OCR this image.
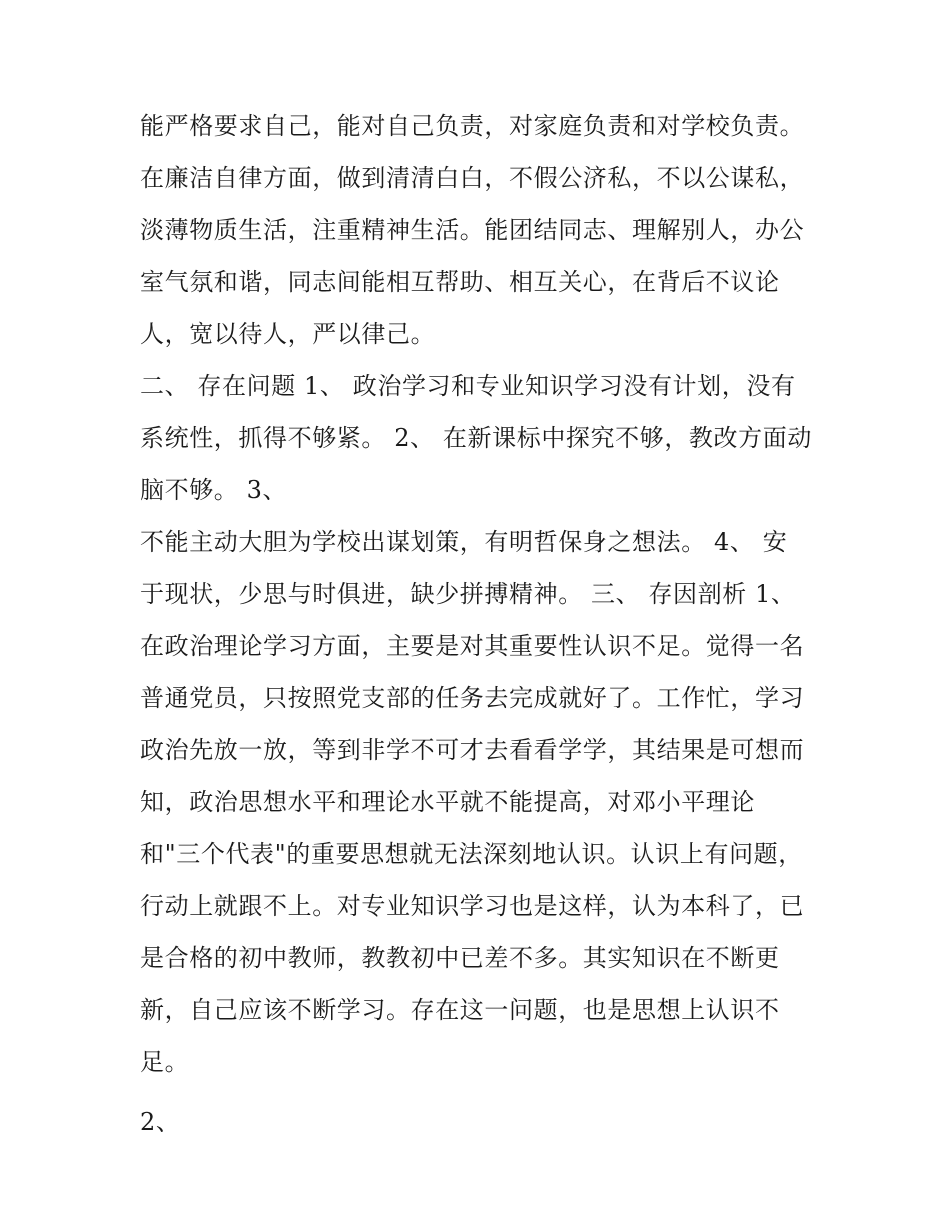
能严格要求自己，能对自己负责，对家庭负责和对学校负责。
在廉洁自律方面，做到清清白白，不假公济私，不以公谋私，
淡薄物质生活，注重精神生活。能团结同志、理解别人，办公
室气氛和谐，同志间能相互帮助、相互关心，在背后不议论
人，宽以待人，严以律己。
二、 存在问题 1、 政治学习和专业知识学习没有计划，没有
系统性，抓得不够紧。 2、 在新课标中探究不够，教改方面动
脑不够。 3、
不能主动大胆为学校出谋划策，有明哲保身之想法。 4、 安
于现状，少思与时俱进，缺少拼搏精神。 三、 存因剖析 1、
在政治理论学习方面，主要是对其重要性认识不足。觉得一名
普通党员，只按照党支部的任务去完成就好了。工作忙，学习
政治先放一放，等到非学不可才去看看学学，其结果是可想而
知，政治思想水平和理论水平就不能提高，对邓小平理论
和"三个代表"的重要思想就无法深刻地认识。认识上有问题，
行动上就跟不上。对专业知识学习也是这样，认为本科了，已
是合格的初中教师，教教初中已差不多。其实知识在不断更
新，自己应该不断学习。存在这一问题，也是思想上认识不
足。
2、
